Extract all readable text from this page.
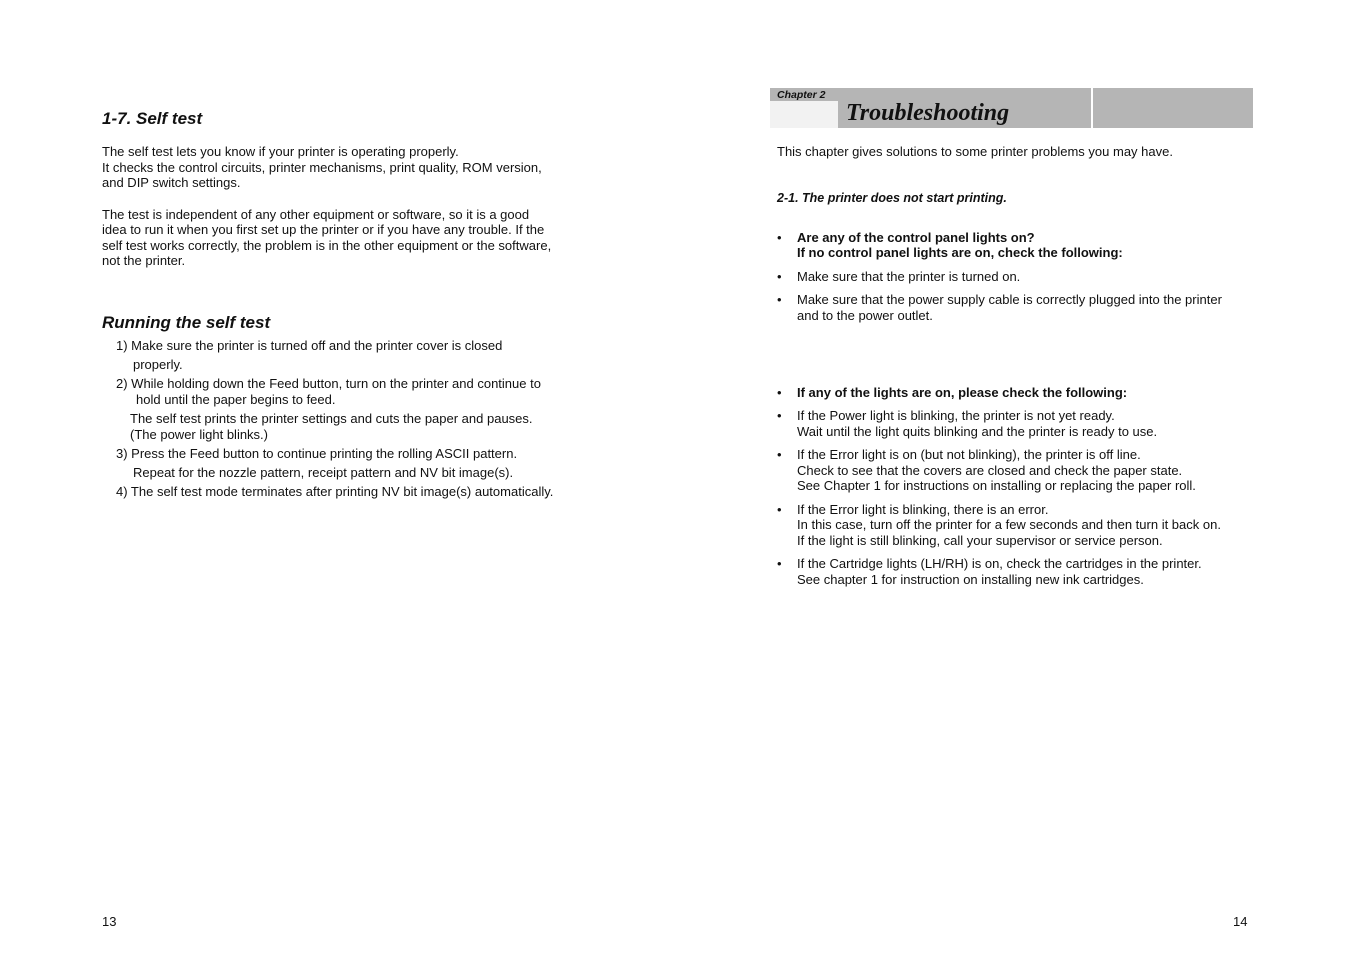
1-7. Self test
The self test lets you know if your printer is operating properly.
It checks the control circuits, printer mechanisms, print quality, ROM version,
and DIP switch settings.
The test is independent of any other equipment or software, so it is a good
idea to run it when you first set up the printer or if you have any trouble. If the
self test works correctly, the problem is in the other equipment or the software,
not the printer.
Running the self test
1) Make sure the printer is turned off and the printer cover is closed
properly.
2) While holding down the Feed button, turn on the printer and continue to
hold until the paper begins to feed.
The self test prints the printer settings and cuts the paper and pauses.
(The power light blinks.)
3) Press the Feed button to continue printing the rolling ASCII pattern.
Repeat for the nozzle pattern, receipt pattern and NV bit image(s).
4) The self test mode terminates after printing NV bit image(s) automatically.
13
Chapter 2
Troubleshooting
This chapter gives solutions to some printer problems you may have.
2-1. The printer does not start printing.
• Are any of the control panel lights on?
If no control panel lights are on, check the following:
• Make sure that the printer is turned on.
• Make sure that the power supply cable is correctly plugged into the printer
and to the power outlet.
• If any of the lights are on, please check the following:
• If the Power light is blinking, the printer is not yet ready.
Wait until the light quits blinking and the printer is ready to use.
• If the Error light is on (but not blinking), the printer is off line.
Check to see that the covers are closed and check the paper state.
See Chapter 1 for instructions on installing or replacing the paper roll.
• If the Error light is blinking, there is an error.
In this case, turn off the printer for a few seconds and then turn it back on.
If the light is still blinking, call your supervisor or service person.
• If the Cartridge lights (LH/RH) is on, check the cartridges in the printer.
See chapter 1 for instruction on installing new ink cartridges.
14
